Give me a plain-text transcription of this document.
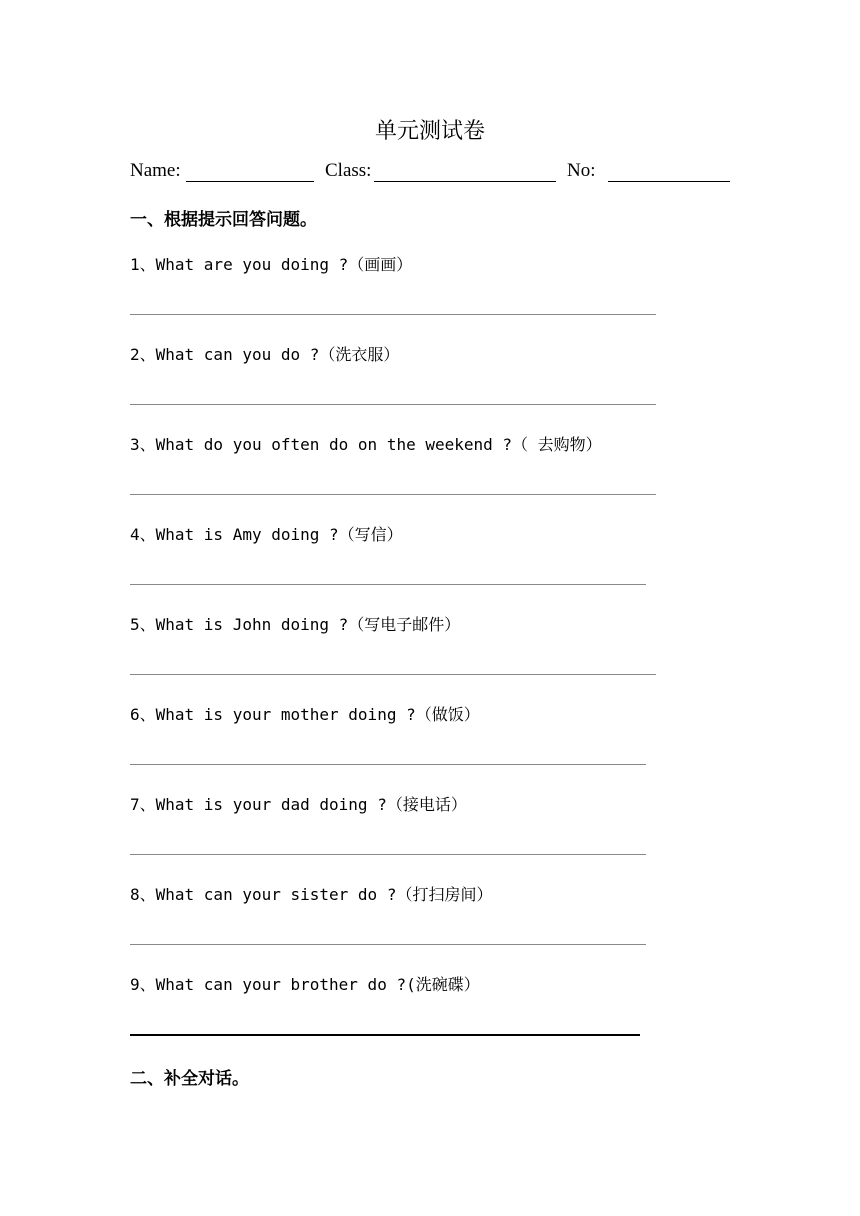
单元测试卷
Name:	Class:	No:
一、根据提示回答问题。
1、What are you doing ?（画画）
2、What can you do ?（洗衣服）
3、What do you often do on the weekend ?（ 去购物）
4、What is Amy doing ?（写信）
5、What is John doing ?（写电子邮件）
6、What is your mother doing ?（做饭）
7、What is your dad doing ?（接电话）
8、What can your sister do ?（打扫房间）
9、What can your brother do ?(洗碗碟）
二、补全对话。
